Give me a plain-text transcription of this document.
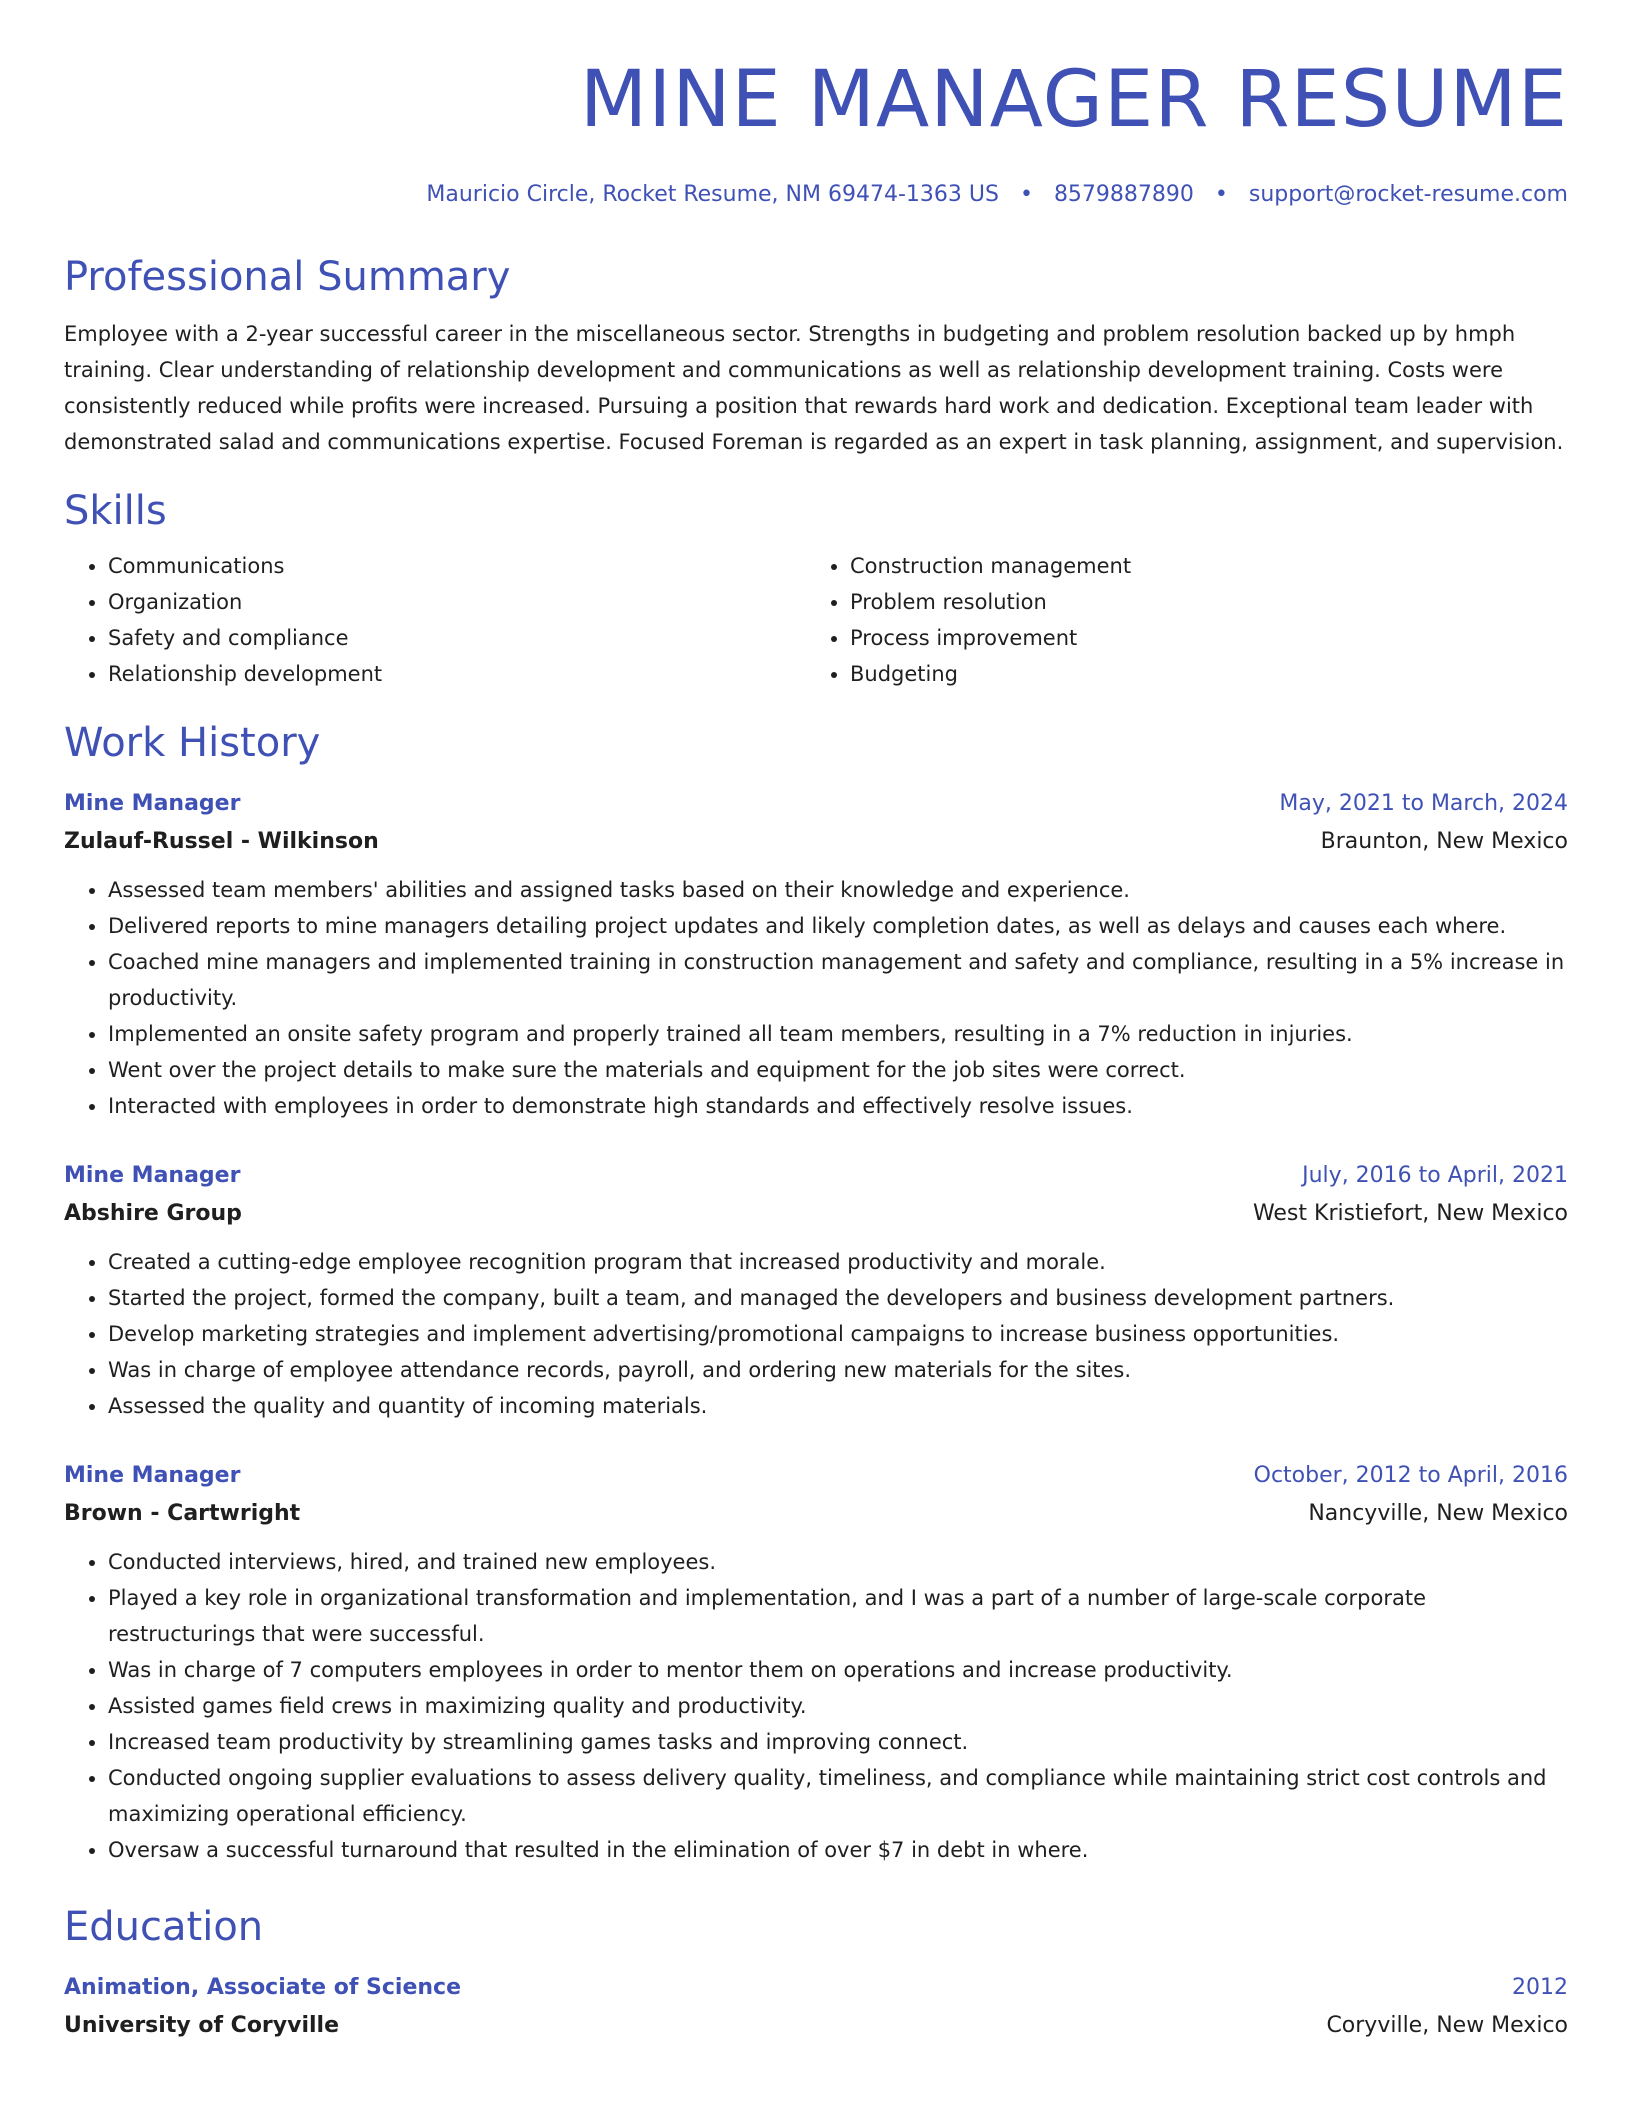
MINE MANAGER RESUME
Mauricio Circle, Rocket Resume, NM 69474-1363 US • 8579887890 • support@rocket-resume.com
Professional Summary
Employee with a 2-year successful career in the miscellaneous sector. Strengths in budgeting and problem resolution backed up by hmph training. Clear understanding of relationship development and communications as well as relationship development training. Costs were consistently reduced while profits were increased. Pursuing a position that rewards hard work and dedication. Exceptional team leader with demonstrated salad and communications expertise. Focused Foreman is regarded as an expert in task planning, assignment, and supervision.
Skills
• Communications
• Organization
• Safety and compliance
• Relationship development
• Construction management
• Problem resolution
• Process improvement
• Budgeting
Work History
Mine Manager	May, 2021 to March, 2024
Zulauf-Russel - Wilkinson	Braunton, New Mexico
• Assessed team members' abilities and assigned tasks based on their knowledge and experience.
• Delivered reports to mine managers detailing project updates and likely completion dates, as well as delays and causes each where.
• Coached mine managers and implemented training in construction management and safety and compliance, resulting in a 5% increase in productivity.
• Implemented an onsite safety program and properly trained all team members, resulting in a 7% reduction in injuries.
• Went over the project details to make sure the materials and equipment for the job sites were correct.
• Interacted with employees in order to demonstrate high standards and effectively resolve issues.
Mine Manager	July, 2016 to April, 2021
Abshire Group	West Kristiefort, New Mexico
• Created a cutting-edge employee recognition program that increased productivity and morale.
• Started the project, formed the company, built a team, and managed the developers and business development partners.
• Develop marketing strategies and implement advertising/promotional campaigns to increase business opportunities.
• Was in charge of employee attendance records, payroll, and ordering new materials for the sites.
• Assessed the quality and quantity of incoming materials.
Mine Manager	October, 2012 to April, 2016
Brown - Cartwright	Nancyville, New Mexico
• Conducted interviews, hired, and trained new employees.
• Played a key role in organizational transformation and implementation, and I was a part of a number of large-scale corporate restructurings that were successful.
• Was in charge of 7 computers employees in order to mentor them on operations and increase productivity.
• Assisted games field crews in maximizing quality and productivity.
• Increased team productivity by streamlining games tasks and improving connect.
• Conducted ongoing supplier evaluations to assess delivery quality, timeliness, and compliance while maintaining strict cost controls and maximizing operational efficiency.
• Oversaw a successful turnaround that resulted in the elimination of over $7 in debt in where.
Education
Animation, Associate of Science	2012
University of Coryville	Coryville, New Mexico
